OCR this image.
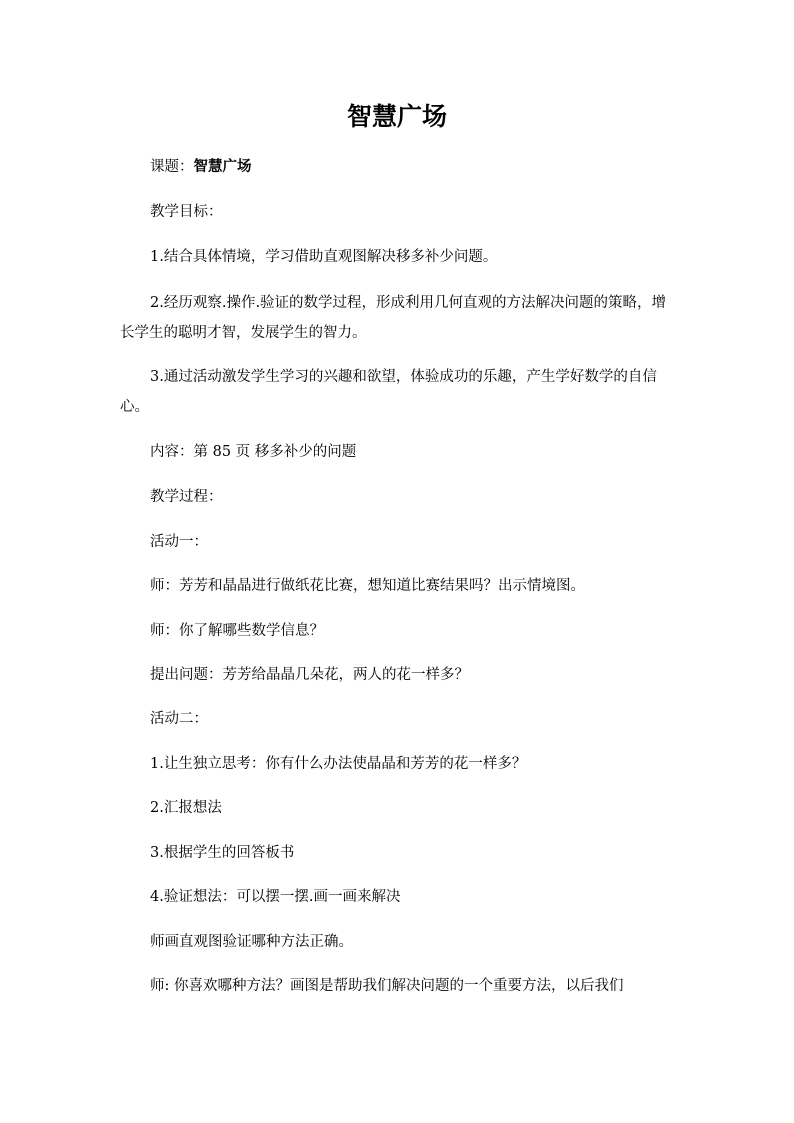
智慧广场
课题：智慧广场
教学目标：
1.结合具体情境，学习借助直观图解决移多补少问题。
2.经历观察.操作.验证的数学过程，形成利用几何直观的方法解决问题的策略，增长学生的聪明才智，发展学生的智力。
3.通过活动激发学生学习的兴趣和欲望，体验成功的乐趣，产生学好数学的自信心。
内容：第 85 页 移多补少的问题
教学过程：
活动一：
师：芳芳和晶晶进行做纸花比赛，想知道比赛结果吗？出示情境图。
师：你了解哪些数学信息？
提出问题：芳芳给晶晶几朵花，两人的花一样多？
活动二：
1.让生独立思考：你有什么办法使晶晶和芳芳的花一样多？
2.汇报想法
3.根据学生的回答板书
4.验证想法：可以摆一摆.画一画来解决
师画直观图验证哪种方法正确。
师: 你喜欢哪种方法？画图是帮助我们解决问题的一个重要方法，以后我们
